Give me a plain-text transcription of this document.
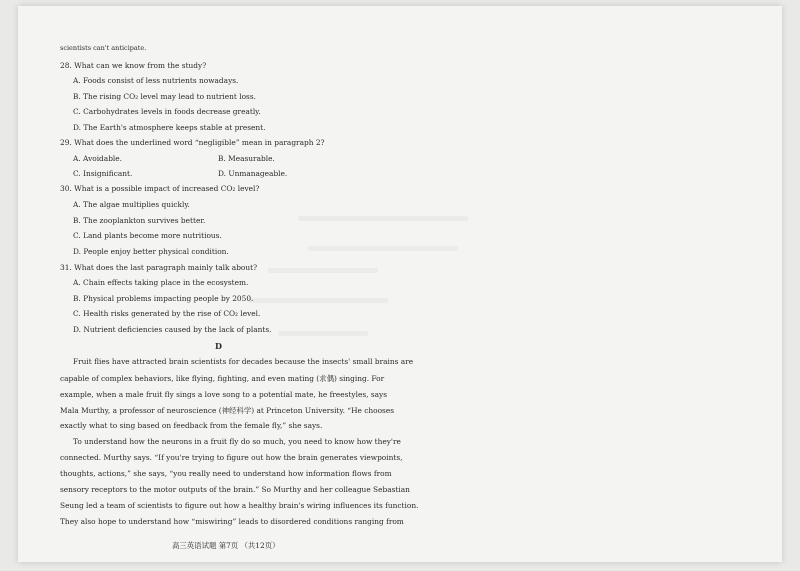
scientists can't anticipate.
28. What can we know from the study?
A. Foods consist of less nutrients nowadays.
B. The rising CO₂ level may lead to nutrient loss.
C. Carbohydrates levels in foods decrease greatly.
D. The Earth's atmosphere keeps stable at present.
29. What does the underlined word “negligible” mean in paragraph 2?
A. Avoidable.	B. Measurable.
C. Insignificant.	D. Unmanageable.
30. What is a possible impact of increased CO₂ level?
A. The algae multiplies quickly.
B. The zooplankton survives better.
C. Land plants become more nutritious.
D. People enjoy better physical condition.
31. What does the last paragraph mainly talk about?
A. Chain effects taking place in the ecosystem.
B. Physical problems impacting people by 2050.
C. Health risks generated by the rise of CO₂ level.
D. Nutrient deficiencies caused by the lack of plants.
D
Fruit flies have attracted brain scientists for decades because the insects' small brains are
capable of complex behaviors, like flying, fighting, and even mating (求偶) singing. For
example, when a male fruit fly sings a love song to a potential mate, he freestyles, says
Mala Murthy, a professor of neuroscience (神经科学) at Princeton University. “He chooses
exactly what to sing based on feedback from the female fly,” she says.
To understand how the neurons in a fruit fly do so much, you need to know how they're
connected. Murthy says. “If you're trying to figure out how the brain generates viewpoints,
thoughts, actions,” she says, “you really need to understand how information flows from
sensory receptors to the motor outputs of the brain.” So Murthy and her colleague Sebastian
Seung led a team of scientists to figure out how a healthy brain's wiring influences its function.
They also hope to understand how “miswiring” leads to disordered conditions ranging from
高三英语试题 第7页 （共12页）
